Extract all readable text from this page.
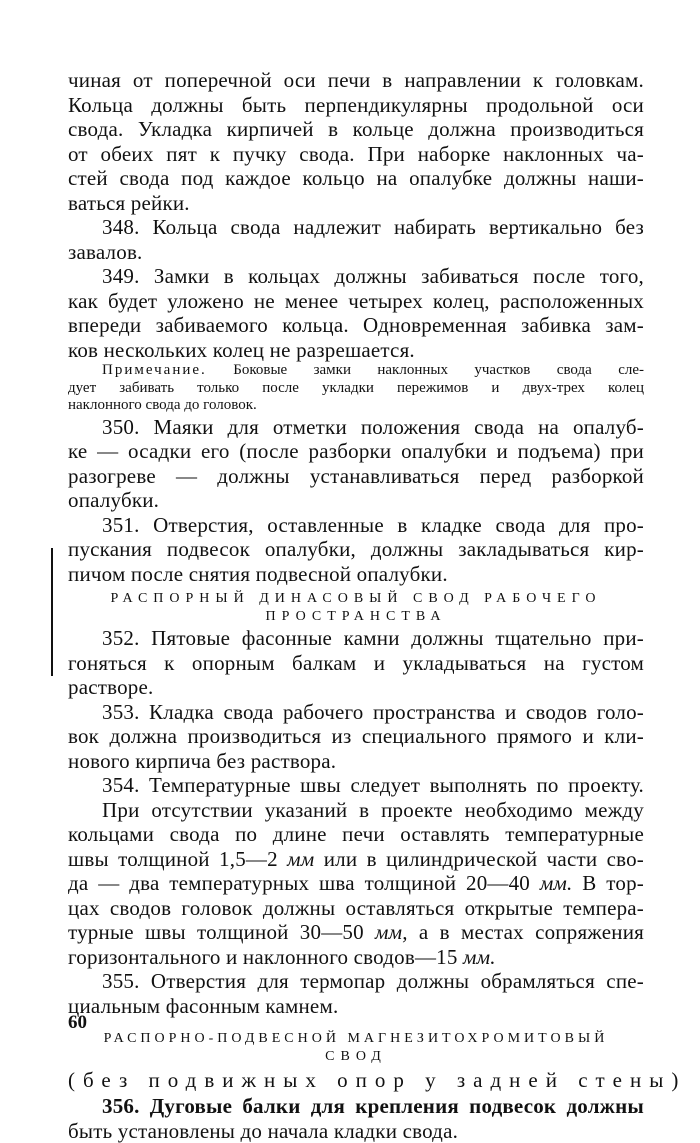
чиная от поперечной оси печи в направлении к головкам.
Кольца должны быть перпендикулярны продольной оси
свода. Укладка кирпичей в кольце должна производиться
от обеих пят к пучку свода. При наборке наклонных ча-
стей свода под каждое кольцо на опалубке должны наши-
ваться рейки.
348. Кольца свода надлежит набирать вертикально без
завалов.
349. Замки в кольцах должны забиваться после того,
как будет уложено не менее четырех колец, расположенных
впереди забиваемого кольца. Одновременная забивка зам-
ков нескольких колец не разрешается.
Примечание. Боковые замки наклонных участков свода сле-
дует забивать только после укладки пережимов и двух-трех колец
наклонного свода до головок.
350. Маяки для отметки положения свода на опалуб-
ке — осадки его (после разборки опалубки и подъема) при
разогреве — должны устанавливаться перед разборкой
опалубки.
351. Отверстия, оставленные в кладке свода для про-
пускания подвесок опалубки, должны закладываться кир-
пичом после снятия подвесной опалубки.
РАСПОРНЫЙ ДИНАСОВЫЙ СВОД РАБОЧЕГО
ПРОСТРАНСТВА
352. Пятовые фасонные камни должны тщательно при-
гоняться к опорным балкам и укладываться на густом
растворе.
353. Кладка свода рабочего пространства и сводов голо-
вок должна производиться из специального прямого и кли-
нового кирпича без раствора.
354. Температурные швы следует выполнять по проекту.
При отсутствии указаний в проекте необходимо между
кольцами свода по длине печи оставлять температурные
швы толщиной 1,5—2 мм или в цилиндрической части сво-
да — два температурных шва толщиной 20—40 мм. В тор-
цах сводов головок должны оставляться открытые темпера-
турные швы толщиной 30—50 мм, а в местах сопряжения
горизонтального и наклонного сводов—15 мм.
355. Отверстия для термопар должны обрамляться спе-
циальным фасонным камнем.
РАСПОРНО-ПОДВЕСНОЙ МАГНЕЗИТОХРОМИТОВЫЙ
СВОД
(без подвижных опор у задней стены)
356. Дуговые балки для крепления подвесок должны
быть установлены до начала кладки свода.
60
